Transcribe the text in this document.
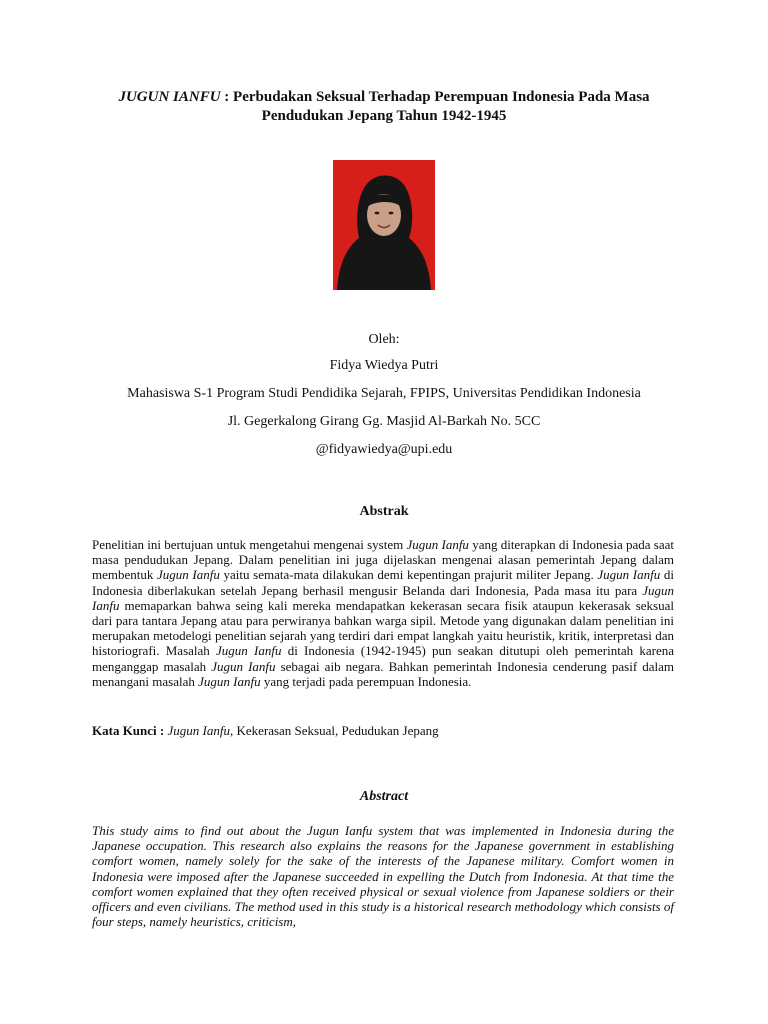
JUGUN IANFU : Perbudakan Seksual Terhadap Perempuan Indonesia Pada Masa
Pendudukan Jepang Tahun 1942-1945
Oleh:
Fidya Wiedya Putri
Mahasiswa S-1 Program Studi Pendidika Sejarah, FPIPS, Universitas Pendidikan Indonesia
Jl. Gegerkalong Girang Gg. Masjid Al-Barkah No. 5CC
@fidyawiedya@upi.edu
Abstrak

Penelitian ini bertujuan untuk mengetahui mengenai system Jugun Ianfu yang diterapkan di Indonesia pada saat masa pendudukan Jepang. Dalam penelitian ini juga dijelaskan mengenai alasan pemerintah Jepang dalam membentuk Jugun Ianfu yaitu semata-mata dilakukan demi kepentingan prajurit militer Jepang. Jugun Ianfu di Indonesia diberlakukan setelah Jepang berhasil mengusir Belanda dari Indonesia, Pada masa itu para Jugun Ianfu memaparkan bahwa seing kali mereka mendapatkan kekerasan secara fisik ataupun kekerasak seksual dari para tantara Jepang atau para perwiranya bahkan warga sipil. Metode yang digunakan dalam penelitian ini merupakan metodelogi penelitian sejarah yang terdiri dari empat langkah yaitu heuristik, kritik, interpretasi dan historiografi. Masalah Jugun Ianfu di Indonesia (1942-1945) pun seakan ditutupi oleh pemerintah karena menganggap masalah Jugun Ianfu sebagai aib negara. Bahkan pemerintah Indonesia cenderung pasif dalam menangani masalah Jugun Ianfu yang terjadi pada perempuan Indonesia.

Kata Kunci : Jugun Ianfu, Kekerasan Seksual, Pedudukan Jepang
Abstract

This study aims to find out about the Jugun Ianfu system that was implemented in Indonesia during the Japanese occupation. This research also explains the reasons for the Japanese government in establishing comfort women, namely solely for the sake of the interests of the Japanese military. Comfort women in Indonesia were imposed after the Japanese succeeded in expelling the Dutch from Indonesia. At that time the comfort women explained that they often received physical or sexual violence from Japanese soldiers or their officers and even civilians. The method used in this study is a historical research methodology which consists of four steps, namely heuristics, criticism,
